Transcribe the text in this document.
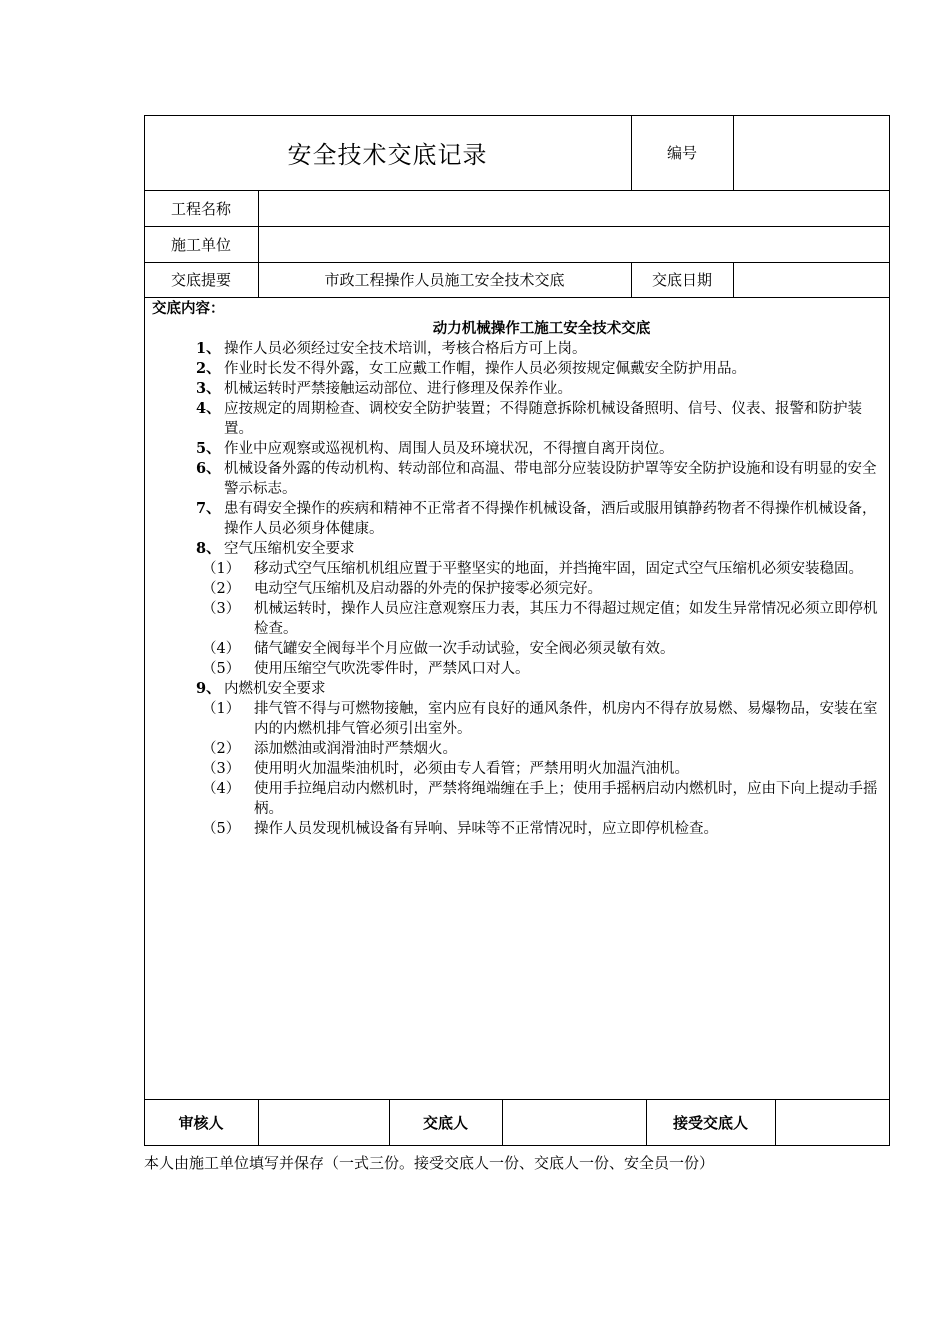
安全技术交底记录	编号
工程名称
施工单位
交底提要	市政工程操作人员施工安全技术交底	交底日期
交底内容：
动力机械操作工施工安全技术交底
1、 操作人员必须经过安全技术培训，考核合格后方可上岗。
2、 作业时长发不得外露，女工应戴工作帽，操作人员必须按规定佩戴安全防护用品。
3、 机械运转时严禁接触运动部位、进行修理及保养作业。
4、 应按规定的周期检查、调校安全防护装置；不得随意拆除机械设备照明、信号、仪表、报警和防护装置。
5、 作业中应观察或巡视机构、周围人员及环境状况，不得擅自离开岗位。
6、 机械设备外露的传动机构、转动部位和高温、带电部分应装设防护罩等安全防护设施和设有明显的安全警示标志。
7、 患有碍安全操作的疾病和精神不正常者不得操作机械设备，酒后或服用镇静药物者不得操作机械设备，操作人员必须身体健康。
8、 空气压缩机安全要求
（1） 移动式空气压缩机机组应置于平整坚实的地面，并挡掩牢固，固定式空气压缩机必须安装稳固。
（2） 电动空气压缩机及启动器的外壳的保护接零必须完好。
（3） 机械运转时，操作人员应注意观察压力表，其压力不得超过规定值；如发生异常情况必须立即停机检查。
（4） 储气罐安全阀每半个月应做一次手动试验，安全阀必须灵敏有效。
（5） 使用压缩空气吹洗零件时，严禁风口对人。
9、 内燃机安全要求
（1） 排气管不得与可燃物接触，室内应有良好的通风条件，机房内不得存放易燃、易爆物品，安装在室内的内燃机排气管必须引出室外。
（2） 添加燃油或润滑油时严禁烟火。
（3） 使用明火加温柴油机时，必须由专人看管；严禁用明火加温汽油机。
（4） 使用手拉绳启动内燃机时，严禁将绳端缠在手上；使用手摇柄启动内燃机时，应由下向上提动手摇柄。
（5） 操作人员发现机械设备有异响、异味等不正常情况时，应立即停机检查。
审核人	交底人	接受交底人
本人由施工单位填写并保存（一式三份。接受交底人一份、交底人一份、安全员一份）
